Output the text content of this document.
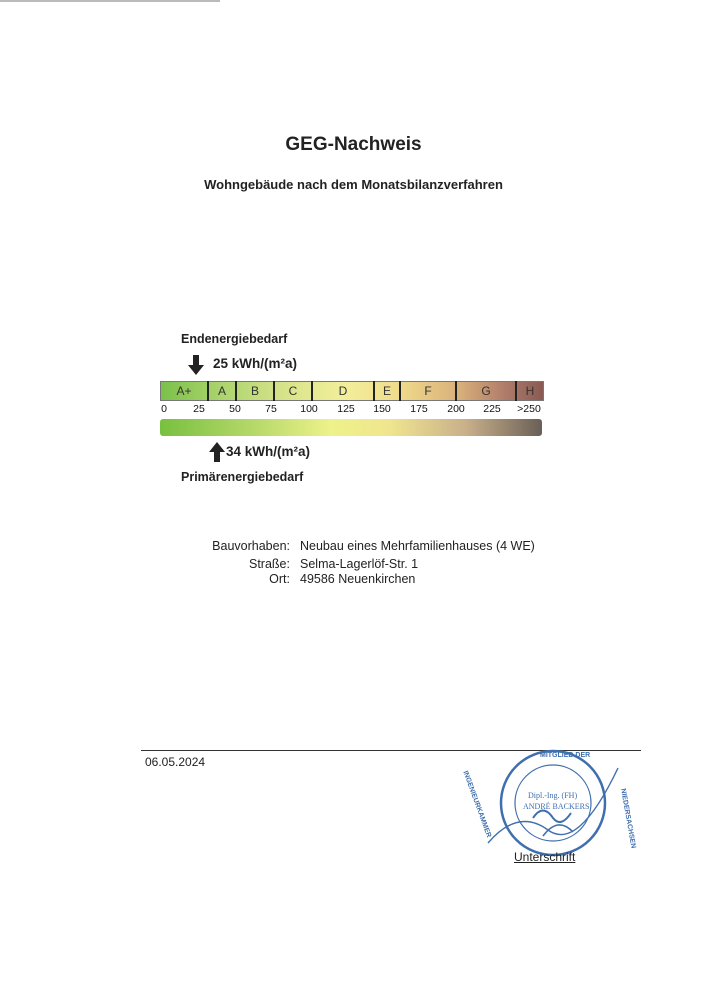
GEG-Nachweis
Wohngebäude nach dem Monatsbilanzverfahren
Endenergiebedarf
25 kWh/(m²a)
A+	A	B	C	D	E	F	G	H
0 25 50 75 100 125 150 175 200 225 >250
34 kWh/(m²a)
Primärenergiebedarf
Bauvorhaben: Neubau eines Mehrfamilienhauses (4 WE)
Straße: Selma-Lagerlöf-Str. 1
Ort: 49586 Neuenkirchen
06.05.2024
Dipl.-Ing. (FH)
ANDRÉ BACKERS
MITGLIED DER
INGENIEURKAMMER	NIEDERSACHSEN
Unterschrift
